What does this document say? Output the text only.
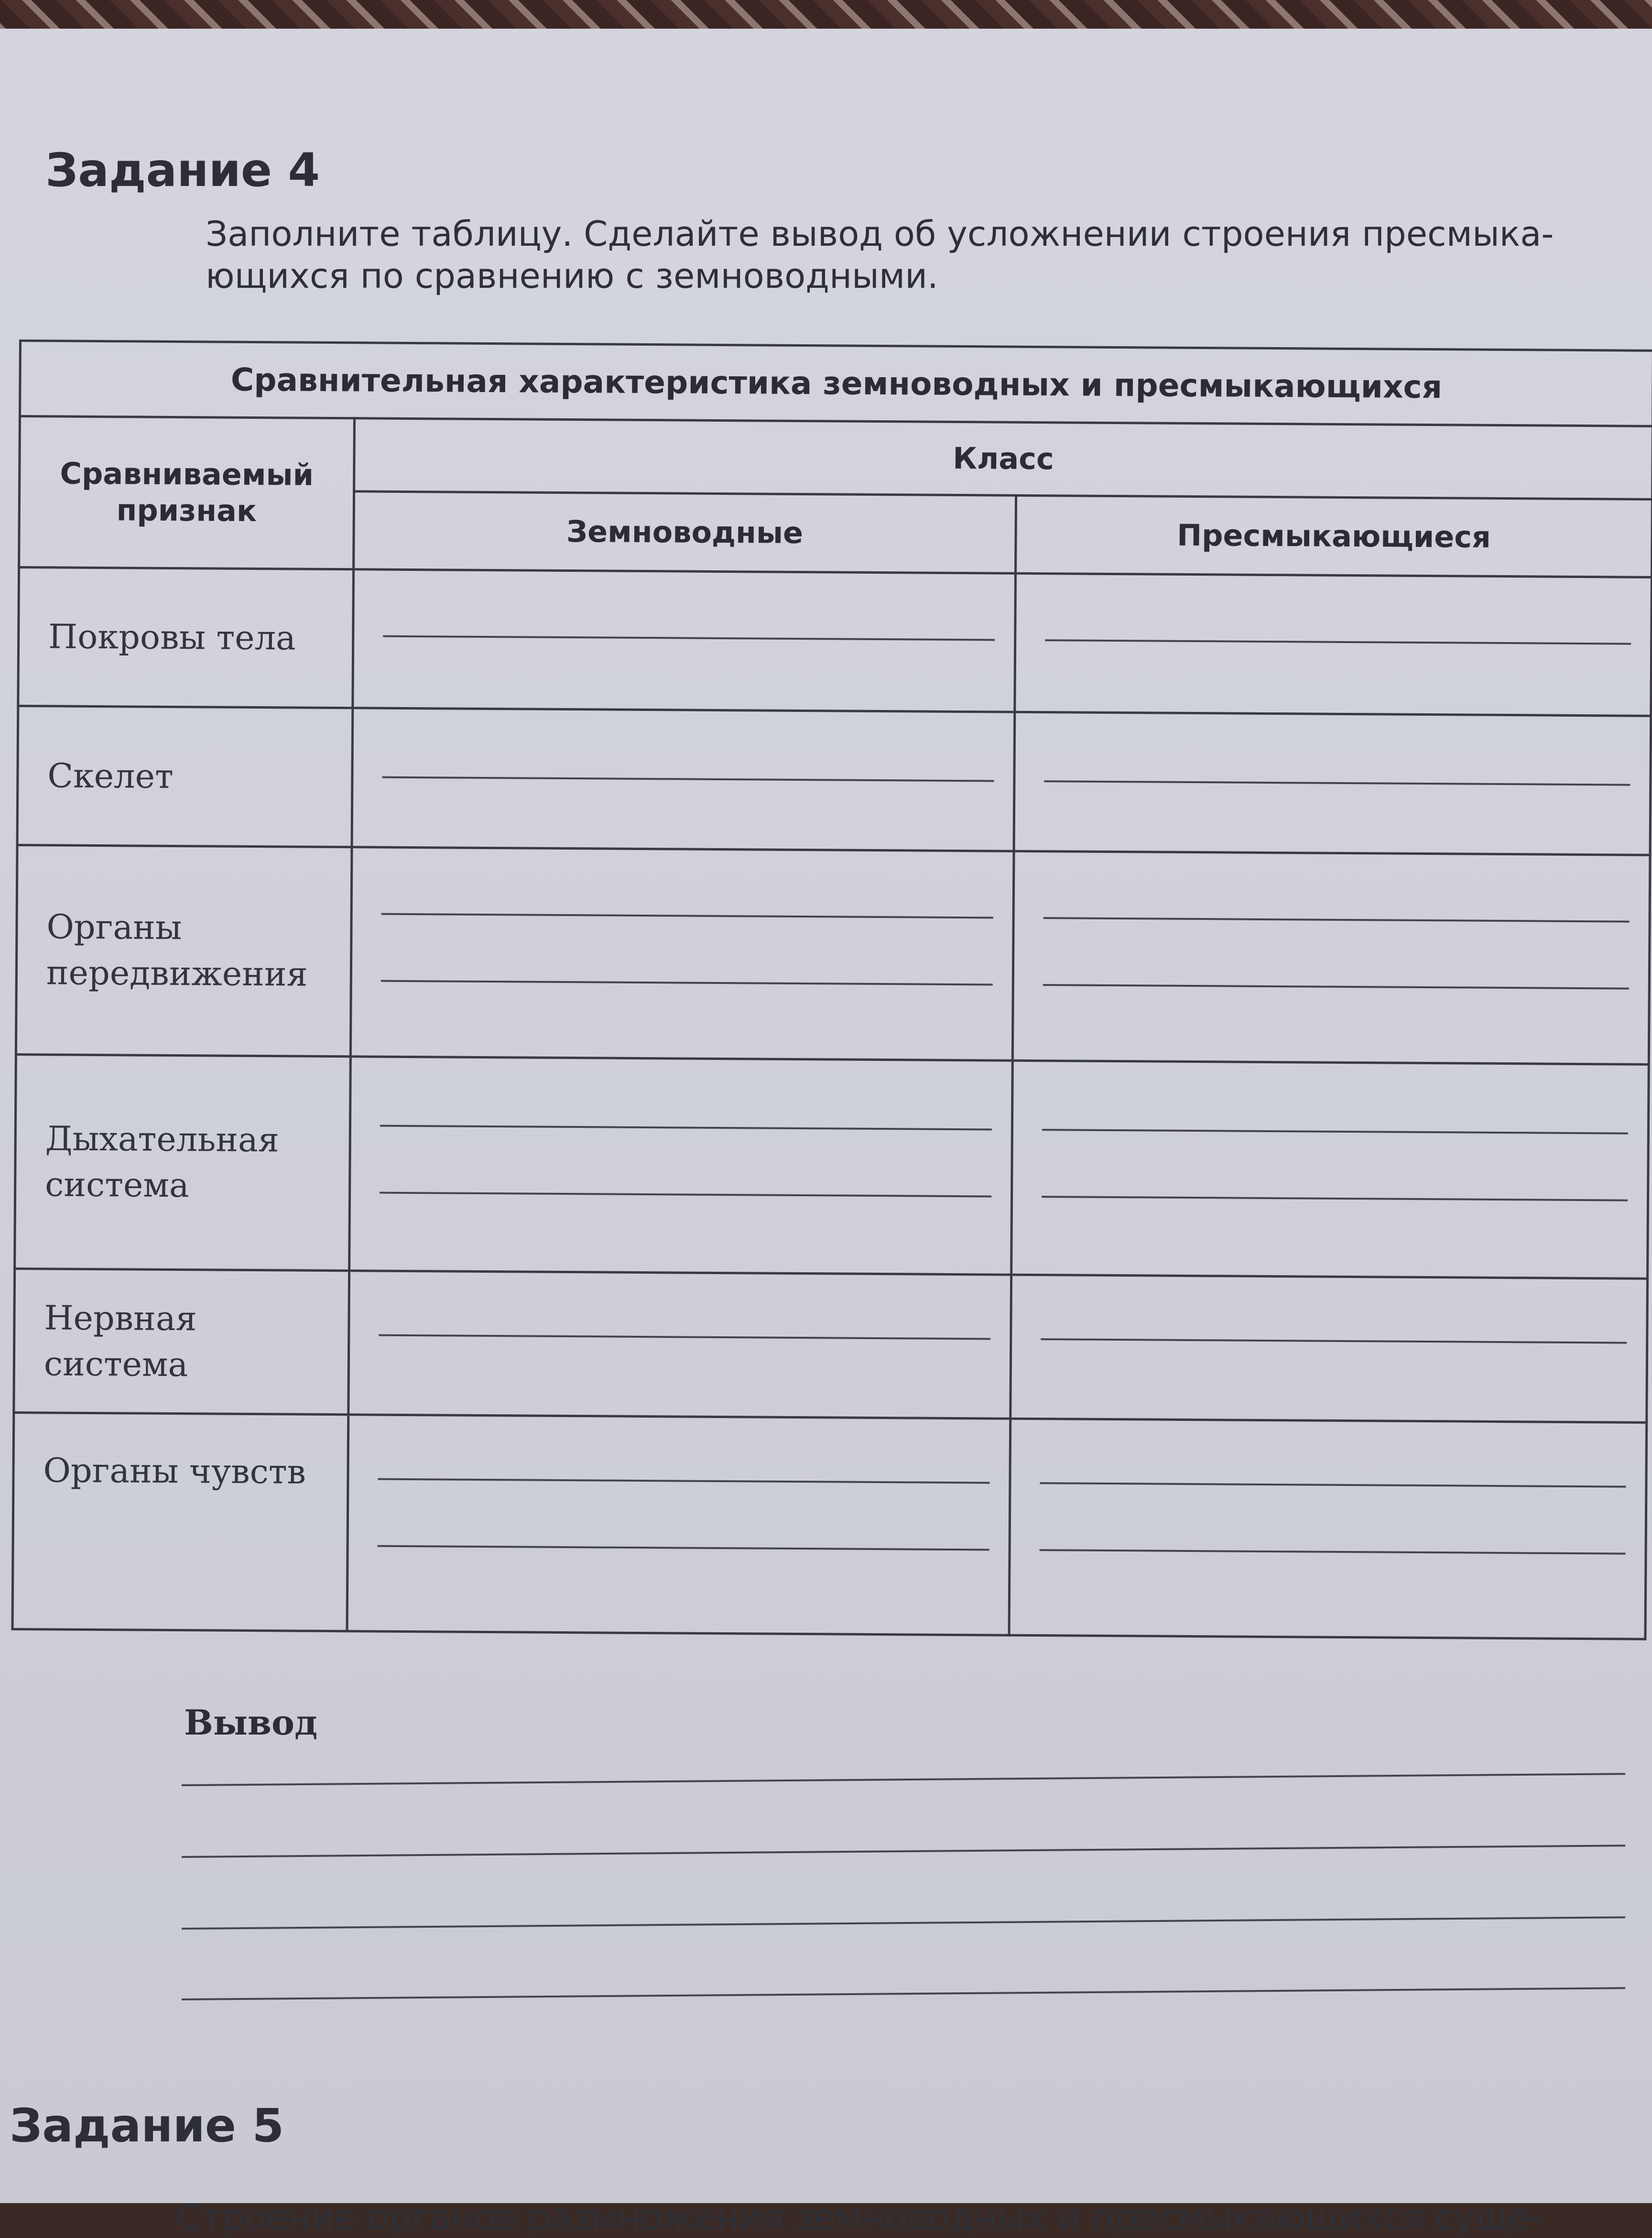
Задание 4
Заполните таблицу. Сделайте вывод об усложнении строения пресмыка-
ющихся по сравнению с земноводными.
Сравнительная характеристика земноводных и пресмыкающихся		

Сравниваемый признак	Класс	
	Земноводные	Пресмыкающиеся
Покровы тела	

Скелет	

Органы передвижения	

Дыхательная система	

Нервная система	

Органы чувств	

Вывод
Задание 5
Строение органов размножения земноводных и пресмыкающихся суще-
